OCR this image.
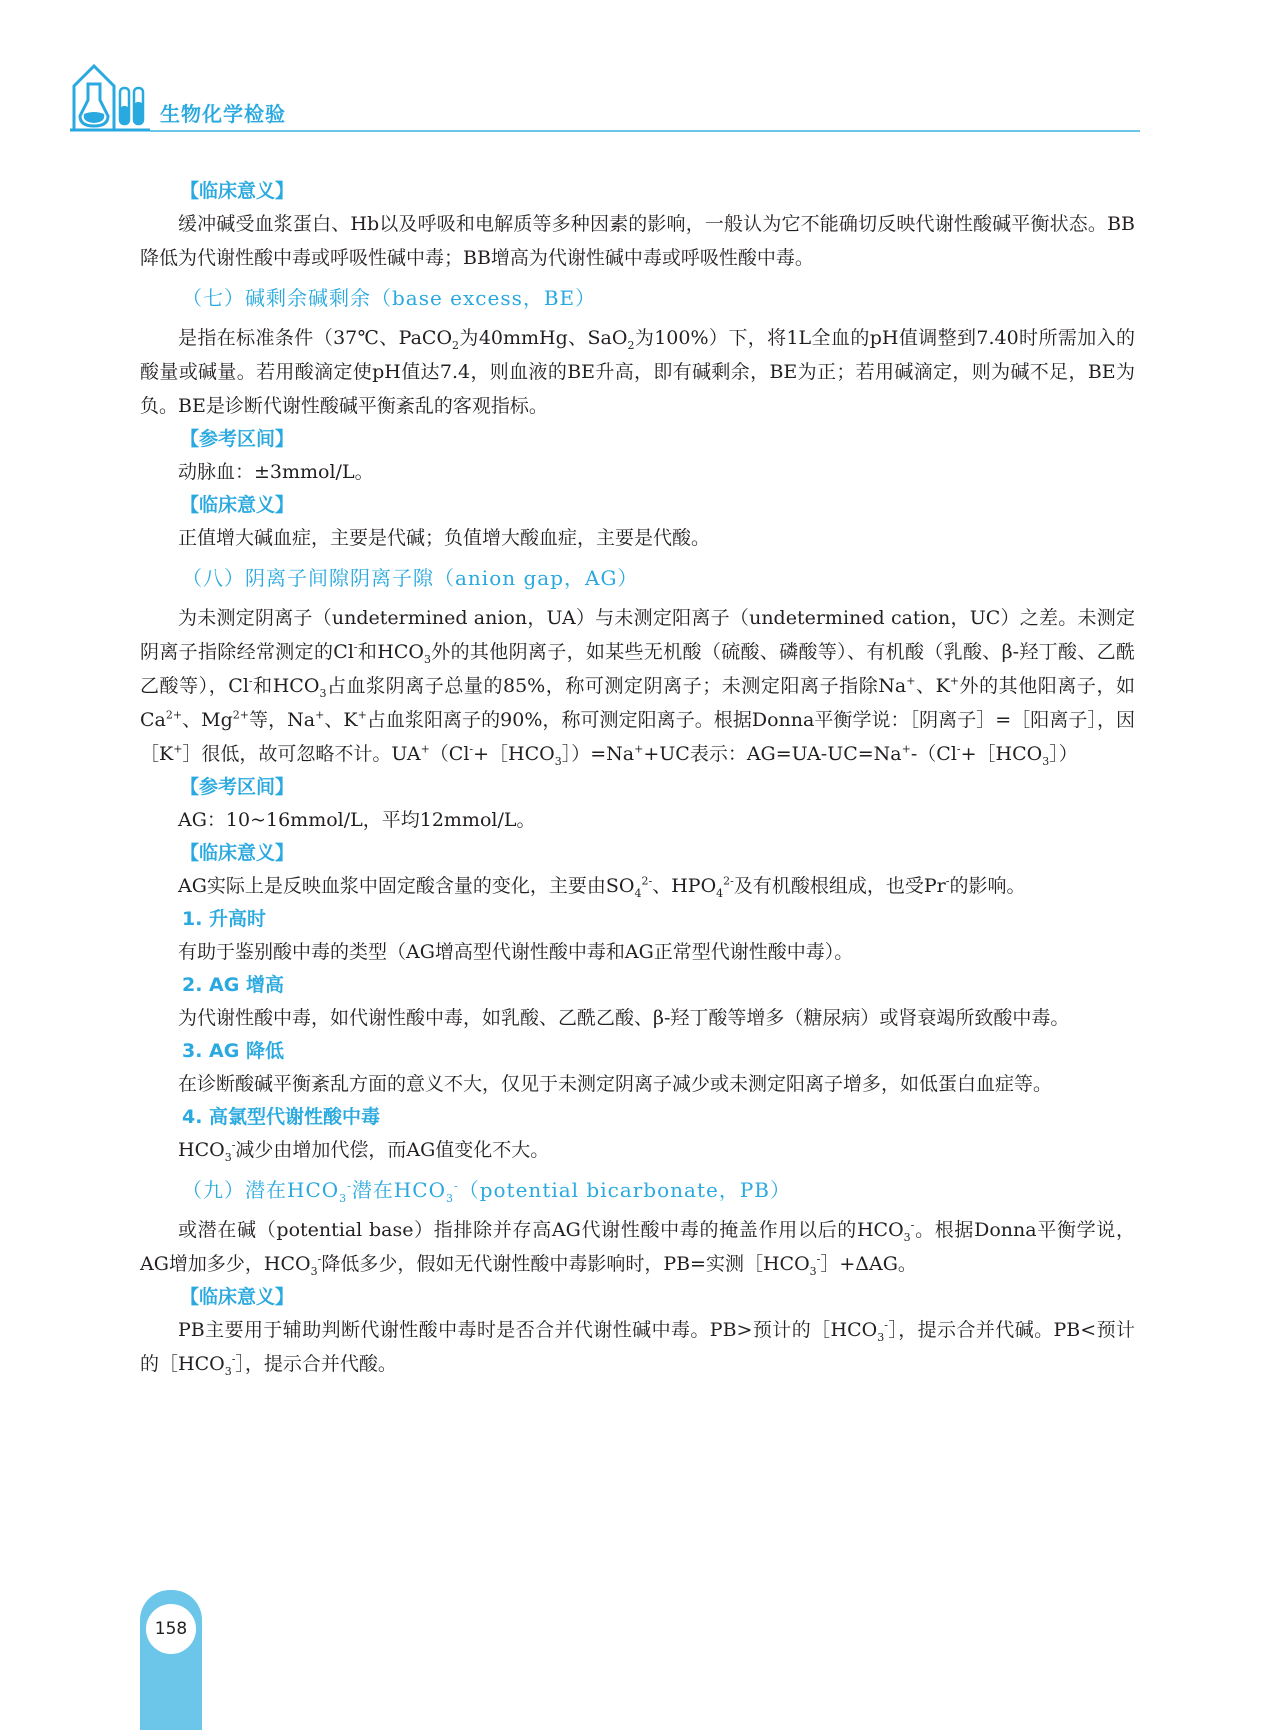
生物化学检验
【临床意义】

缓冲碱受血浆蛋白、Hb以及呼吸和电解质等多种因素的影响，一般认为它不能确切反映代谢性酸碱平衡状态。BB降低为代谢性酸中毒或呼吸性碱中毒；BB增高为代谢性碱中毒或呼吸性酸中毒。

（七）碱剩余碱剩余（base excess，BE）

是指在标准条件（37℃、PaCO$_2$为40mmHg、SaO$_2$为100%）下，将1L全血的pH值调整到7.40时所需加入的酸量或碱量。若用酸滴定使pH值达7.4，则血液的BE升高，即有碱剩余，BE为正；若用碱滴定，则为碱不足，BE为负。BE是诊断代谢性酸碱平衡紊乱的客观指标。

【参考区间】

动脉血：±3mmol/L。

【临床意义】

正值增大碱血症，主要是代碱；负值增大酸血症，主要是代酸。

（八）阴离子间隙阴离子隙（anion gap，AG）

为未测定阴离子（undetermined anion，UA）与未测定阳离子（undetermined cation，UC）之差。未测定阴离子指除经常测定的Cl-和$HCO_3$外的其他阴离子，如某些无机酸（硫酸、磷酸等）、有机酸（乳酸、β-羟丁酸、乙酰乙酸等），Cl-和$HCO_3$占血浆阴离子总量的85%，称可测定阴离子；未测定阳离子指除Na+、K+外的其他阳离子，如$Ca^{2+}$、$Mg^{2+}$等，Na+、K+占血浆阳离子的90%，称可测定阳离子。根据Donna平衡学说：［阴离子］=［阳离子］，因［K+］很低，故可忽略不计。$UA^+(Cl^-+[HCO_3])=Na^++UC$表示：$AG=UA-UC=Na^+-(Cl^-+[HCO_3])$

【参考区间】

AG：10~16mmol/L，平均12mmol/L。

【临床意义】

AG实际上是反映血浆中固定酸含量的变化，主要由$SO_4^{2-}$、$HPO_4^{2-}$及有机酸根组成，也受Pr-的影响。

1. 升高时

有助于鉴别酸中毒的类型（AG增高型代谢性酸中毒和AG正常型代谢性酸中毒）。

2. AG 增高

为代谢性酸中毒，如代谢性酸中毒，如乳酸、乙酰乙酸、β-羟丁酸等增多（糖尿病）或肾衰竭所致酸中毒。

3. AG 降低

在诊断酸碱平衡紊乱方面的意义不大，仅见于未测定阴离子减少或未测定阳离子增多，如低蛋白血症等。

4. 高氯型代谢性酸中毒

$HCO_3^-$减少由增加代偿，而AG值变化不大。

（九）潜在$HCO_3^-$潜在$HCO_3^-(potential$ bicarbonate，PB）

或潜在碱（potential base）指排除并存高AG代谢性酸中毒的掩盖作用以后的$HCO_3^-$。根据Donna平衡学说，AG增加多少，$HCO_3^-$降低多少，假如无代谢性酸中毒影响时，PB=实测$[HCO_3^-]+\Delta AG$。

【临床意义】

PB主要用于辅助判断代谢性酸中毒时是否合并代谢性碱中毒。PB>预计的$[HCO_3^-]$，提示合并代碱。PB<预计的$[HCO_3^-]$，提示合并代酸。

158
